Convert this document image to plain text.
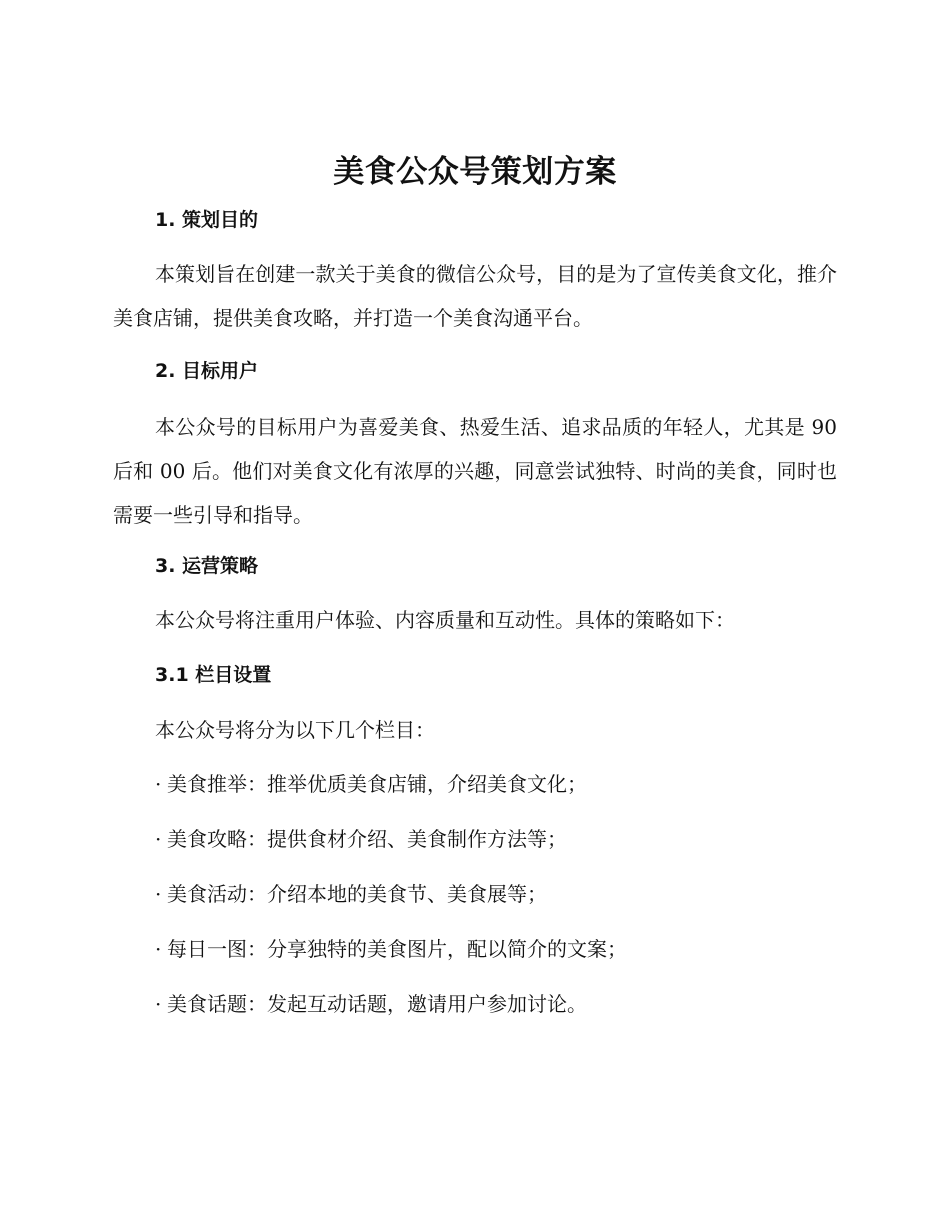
美食公众号策划方案
1. 策划目的

本策划旨在创建一款关于美食的微信公众号，目的是为了宣传美食文化，推介美食店铺，提供美食攻略，并打造一个美食沟通平台。

2. 目标用户

本公众号的目标用户为喜爱美食、热爱生活、追求品质的年轻人，尤其是 90 后和 00 后。他们对美食文化有浓厚的兴趣，同意尝试独特、时尚的美食，同时也需要一些引导和指导。

3. 运营策略

本公众号将注重用户体验、内容质量和互动性。具体的策略如下：

3.1 栏目设置

本公众号将分为以下几个栏目：

· 美食推举：推举优质美食店铺，介绍美食文化；

· 美食攻略：提供食材介绍、美食制作方法等；

· 美食活动：介绍本地的美食节、美食展等；

· 每日一图：分享独特的美食图片，配以简介的文案；

· 美食话题：发起互动话题，邀请用户参加讨论。
